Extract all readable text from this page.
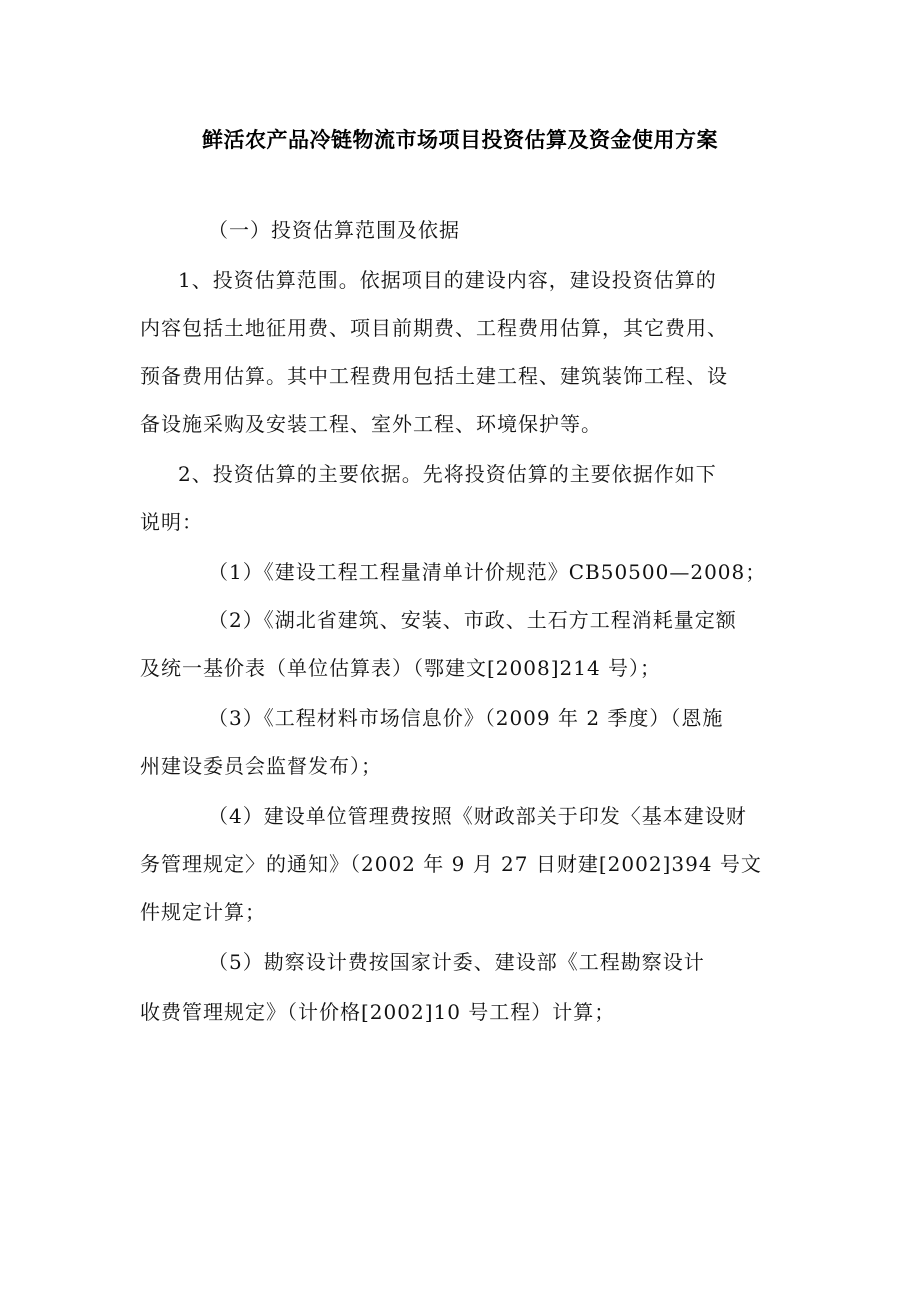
鲜活农产品冷链物流市场项目投资估算及资金使用方案
（一）投资估算范围及依据
1、投资估算范围。依据项目的建设内容，建设投资估算的
内容包括土地征用费、项目前期费、工程费用估算，其它费用、
预备费用估算。其中工程费用包括土建工程、建筑装饰工程、设
备设施采购及安装工程、室外工程、环境保护等。
2、投资估算的主要依据。先将投资估算的主要依据作如下
说明：
（1）《建设工程工程量清单计价规范》CB50500—2008；
（2）《湖北省建筑、安装、市政、土石方工程消耗量定额
及统一基价表（单位估算表）（鄂建文[2008]214 号）；
（3）《工程材料市场信息价》（2009 年 2 季度）（恩施
州建设委员会监督发布）；
（4）建设单位管理费按照《财政部关于印发〈基本建设财
务管理规定〉的通知》（2002 年 9 月 27 日财建[2002]394 号文
件规定计算；
（5）勘察设计费按国家计委、建设部《工程勘察设计
收费管理规定》（计价格[2002]10 号工程）计算；
